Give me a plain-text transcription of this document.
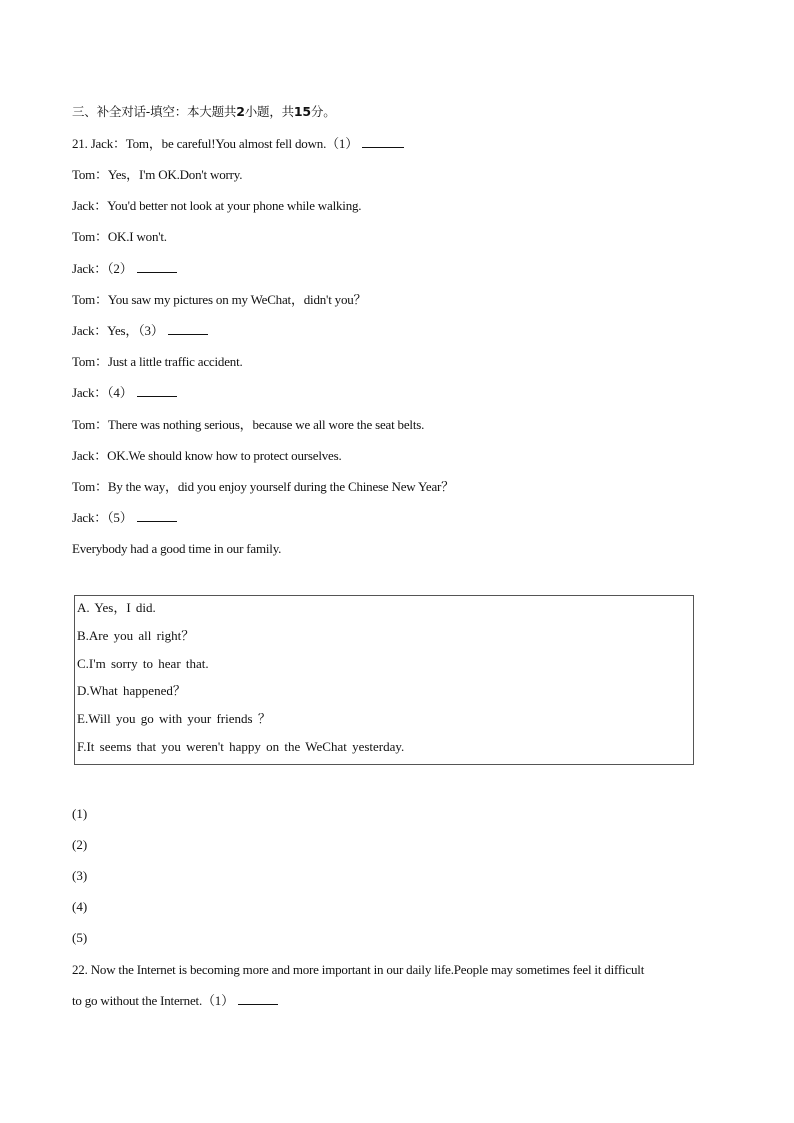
三、补全对话-填空：本大题共2小题，共15分。
21. Jack：Tom，be careful!You almost fell down.（1）
Tom：Yes，I'm OK.Don't worry.
Jack：You'd better not look at your phone while walking.
Tom：OK.I won't.
Jack：（2）
Tom：You saw my pictures on my WeChat，didn't you？
Jack：Yes，（3）
Tom：Just a little traffic accident.
Jack：（4）
Tom：There was nothing serious，because we all wore the seat belts.
Jack：OK.We should know how to protect ourselves.
Tom：By the way，did you enjoy yourself during the Chinese New Year？
Jack：（5）
Everybody had a good time in our family.
A. Yes，I did.
B.Are you all right？
C.I'm sorry to hear that.
D.What happened？
E.Will you go with your friends ？
F.It seems that you weren't happy on the WeChat yesterday.
(1)
(2)
(3)
(4)
(5)
22. Now the Internet is becoming more and more important in our daily life.People may sometimes feel it difficult
to go without the Internet.（1）
